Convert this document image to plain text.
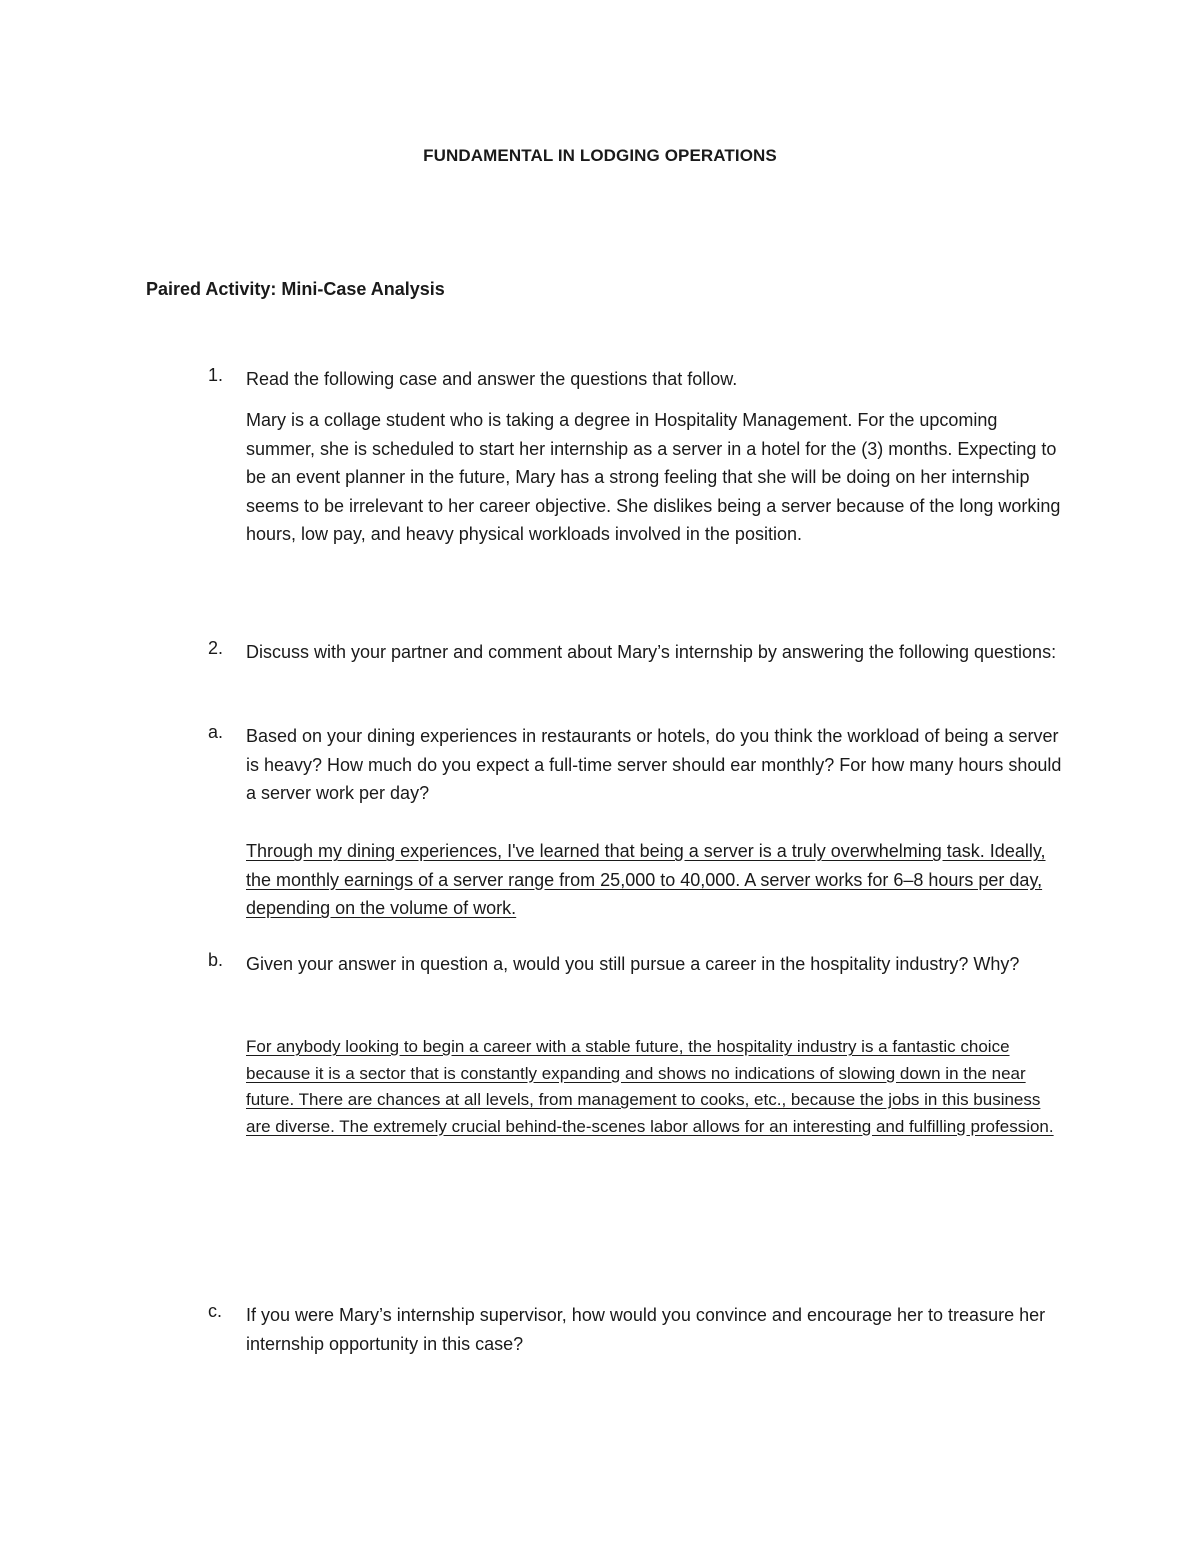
FUNDAMENTAL IN LODGING OPERATIONS
Paired Activity: Mini-Case Analysis
1. Read the following case and answer the questions that follow.
Mary is a collage student who is taking a degree in Hospitality Management. For the upcoming summer, she is scheduled to start her internship as a server in a hotel for the (3) months. Expecting to be an event planner in the future, Mary has a strong feeling that she will be doing on her internship seems to be irrelevant to her career objective. She dislikes being a server because of the long working hours, low pay, and heavy physical workloads involved in the position.
2. Discuss with your partner and comment about Mary’s internship by answering the following questions:
a. Based on your dining experiences in restaurants or hotels, do you think the workload of being a server is heavy? How much do you expect a full-time server should ear monthly? For how many hours should a server work per day?
Through my dining experiences, I've learned that being a server is a truly overwhelming task. Ideally, the monthly earnings of a server range from 25,000 to 40,000. A server works for 6–8 hours per day, depending on the volume of work.
b. Given your answer in question a, would you still pursue a career in the hospitality industry? Why?
For anybody looking to begin a career with a stable future, the hospitality industry is a fantastic choice because it is a sector that is constantly expanding and shows no indications of slowing down in the near future. There are chances at all levels, from management to cooks, etc., because the jobs in this business are diverse. The extremely crucial behind-the-scenes labor allows for an interesting and fulfilling profession.
c. If you were Mary’s internship supervisor, how would you convince and encourage her to treasure her internship opportunity in this case?
